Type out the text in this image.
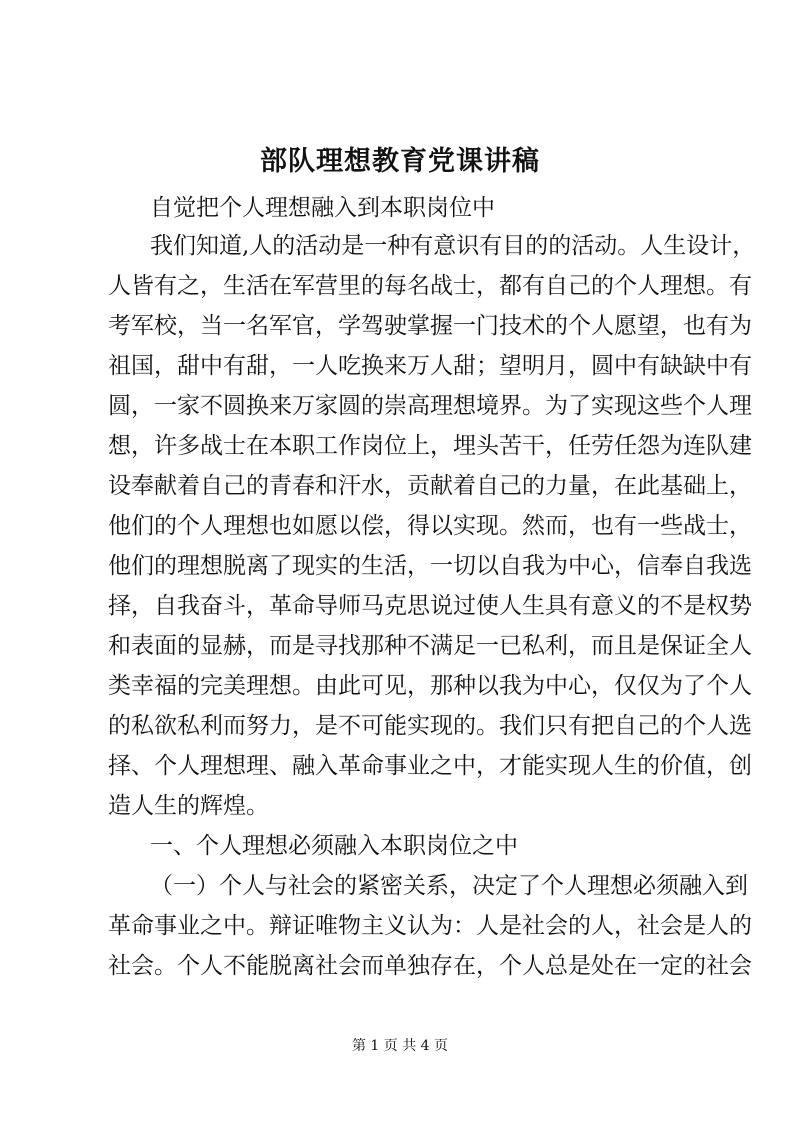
部队理想教育党课讲稿

自觉把个人理想融入到本职岗位中

我们知道,人的活动是一种有意识有目的的活动。人生设计，

人皆有之，生活在军营里的每名战士，都有自己的个人理想。有

考军校，当一名军官，学驾驶掌握一门技术的个人愿望，也有为

祖国，甜中有甜，一人吃换来万人甜；望明月，圆中有缺缺中有

圆，一家不圆换来万家圆的崇高理想境界。为了实现这些个人理

想，许多战士在本职工作岗位上，埋头苦干，任劳任怨为连队建

设奉献着自己的青春和汗水，贡献着自己的力量，在此基础上，

他们的个人理想也如愿以偿，得以实现。然而，也有一些战士，

他们的理想脱离了现实的生活，一切以自我为中心，信奉自我选

择，自我奋斗，革命导师马克思说过使人生具有意义的不是权势

和表面的显赫，而是寻找那种不满足一已私利，而且是保证全人

类幸福的完美理想。由此可见，那种以我为中心，仅仅为了个人

的私欲私利而努力，是不可能实现的。我们只有把自己的个人选

择、个人理想理、融入革命事业之中，才能实现人生的价值，创

造人生的辉煌。

一、个人理想必须融入本职岗位之中

（一）个人与社会的紧密关系，决定了个人理想必须融入到

革命事业之中。辩证唯物主义认为：人是社会的人，社会是人的

社会。个人不能脱离社会而单独存在，个人总是处在一定的社会

第 1 页 共 4 页
